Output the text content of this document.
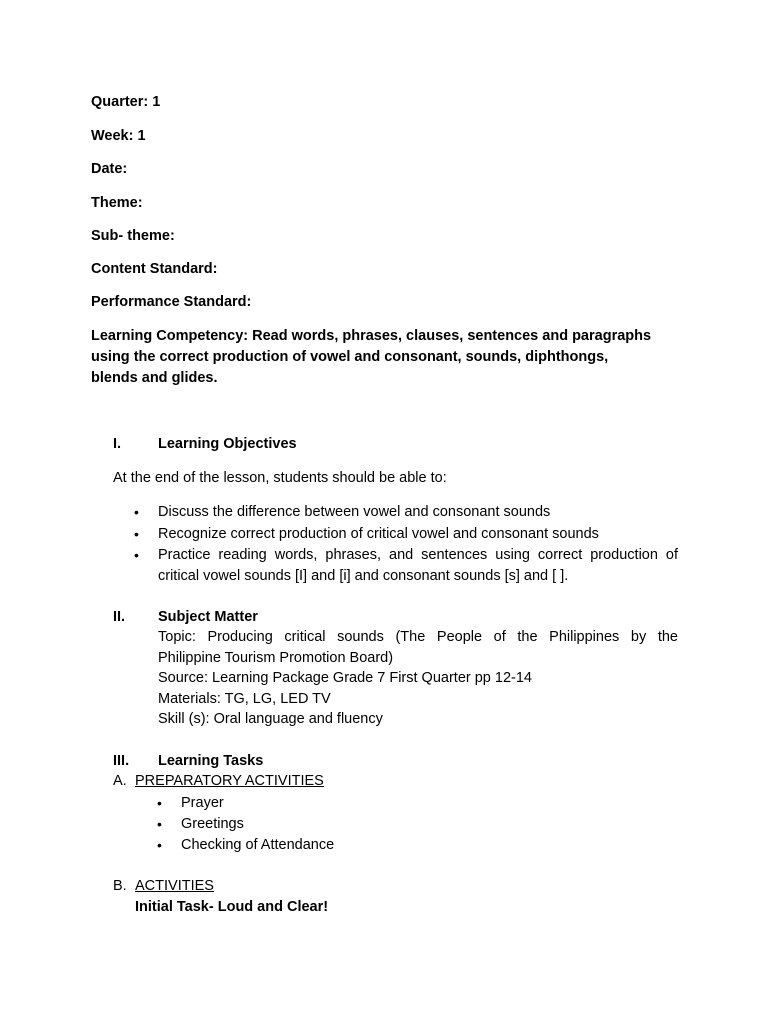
Quarter: 1
Week: 1
Date:
Theme:
Sub- theme:
Content Standard:
Performance Standard:
Learning Competency: Read words, phrases, clauses, sentences and paragraphs
using the correct production of vowel and consonant, sounds, diphthongs,
blends and glides.
I.	Learning Objectives
At the end of the lesson, students should be able to:
• Discuss the difference between vowel and consonant sounds
• Recognize correct production of critical vowel and consonant sounds
• Practice reading words, phrases, and sentences using correct production of
critical vowel sounds [I] and [i] and consonant sounds [s] and [ ].
II. Subject Matter
Topic: Producing critical sounds (The People of the Philippines by the
Philippine Tourism Promotion Board)
Source: Learning Package Grade 7 First Quarter pp 12-14
Materials: TG, LG, LED TV
Skill (s): Oral language and fluency
III. Learning Tasks
A. PREPARATORY ACTIVITIES
• Prayer
• Greetings
• Checking of Attendance
B. ACTIVITIES
Initial Task- Loud and Clear!
